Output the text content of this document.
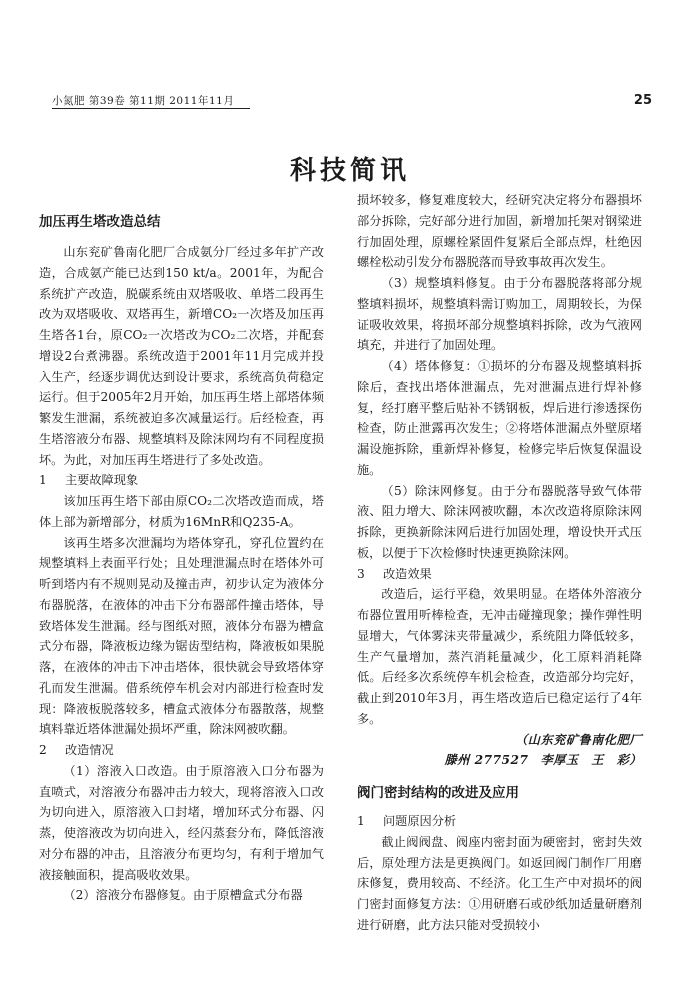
小氮肥 第39卷 第11期 2011年11月	25
科技简讯
加压再生塔改造总结

山东兖矿鲁南化肥厂合成氨分厂经过多年扩产改造，合成氨产能已达到150 kt/a。2001年，为配合系统扩产改造，脱碳系统由双塔吸收、单塔二段再生改为双塔吸收、双塔再生，新增CO₂一次塔及加压再生塔各1台，原CO₂一次塔改为CO₂二次塔，并配套增设2台煮沸器。系统改造于2001年11月完成并投入生产，经逐步调优达到设计要求，系统高负荷稳定运行。但于2005年2月开始，加压再生塔上部塔体频繁发生泄漏，系统被迫多次减量运行。后经检查，再生塔溶液分布器、规整填料及除沫网均有不同程度损坏。为此，对加压再生塔进行了多处改造。

1 主要故障现象

该加压再生塔下部由原CO₂二次塔改造而成，塔体上部为新增部分，材质为16MnR和Q235-A。

该再生塔多次泄漏均为塔体穿孔，穿孔位置约在规整填料上表面平行处；且处理泄漏点时在塔体外可听到塔内有不规则晃动及撞击声，初步认定为液体分布器脱落，在液体的冲击下分布器部件撞击塔体，导致塔体发生泄漏。经与图纸对照，液体分布器为槽盒式分布器，降液板边缘为锯齿型结构，降液板如果脱落，在液体的冲击下冲击塔体，很快就会导致塔体穿孔而发生泄漏。借系统停车机会对内部进行检查时发现：降液板脱落较多，槽盒式液体分布器散落，规整填料靠近塔体泄漏处损坏严重，除沫网被吹翻。

2 改造情况

（1）溶液入口改造。由于原溶液入口分布器为直喷式，对溶液分布器冲击力较大，现将溶液入口改为切向进入，原溶液入口封堵，增加环式分布器、闪蒸，使溶液改为切向进入，经闪蒸套分布，降低溶液对分布器的冲击，且溶液分布更均匀，有利于增加气液接触面积，提高吸收效果。

（2）溶液分布器修复。由于原槽盒式分布器

损坏较多，修复难度较大，经研究决定将分布器損坏部分拆除，完好部分进行加固，新增加托架对钢梁进行加固处理，原螺栓紧固件复紧后全部点焊，杜绝因螺栓松动引发分布器脱落而导致事故再次发生。

（3）规整填料修复。由于分布器脱落将部分规整填料损坏，规整填料需订购加工，周期较长，为保证吸收效果，将损坏部分规整填料拆除，改为气液网填充，并进行了加固处理。

（4）塔体修复：①损坏的分布器及规整填料拆除后，查找出塔体泄漏点，先对泄漏点进行焊补修复，经打磨平整后贴补不锈钢板，焊后进行渗透探伤检查，防止泄露再次发生；②将塔体泄漏点外壁原堵漏设施拆除，重新焊补修复，检修完毕后恢复保温设施。

（5）除沫网修复。由于分布器脱落导致气体带液、阻力增大、除沫网被吹翻，本次改造将原除沫网拆除，更换新除沫网后进行加固处理，增设快开式压板，以便于下次检修时快速更换除沫网。

3 改造效果

改造后，运行平稳，效果明显。在塔体外溶液分布器位置用听棒检查，无冲击碰撞现象；操作弹性明显增大，气体雾沫夹带量减少，系统阻力降低较多，生产气量增加，蒸汽消耗量减少，化工原料消耗降低。后经多次系统停车机会检查，改造部分均完好，截止到2010年3月，再生塔改造后已稳定运行了4年多。

（山东兖矿鲁南化肥厂
滕州 277527 李厚玉　王　彩）
阀门密封结构的改进及应用

1 问题原因分析

截止阀阀盘、阀座内密封面为硬密封，密封失效后，原处理方法是更换阀门。如返回阀门制作厂用磨床修复，费用较高、不经济。化工生产中对损坏的阀门密封面修复方法：①用研磨石或砂纸加适量研磨剂进行研磨，此方法只能对受损较小
